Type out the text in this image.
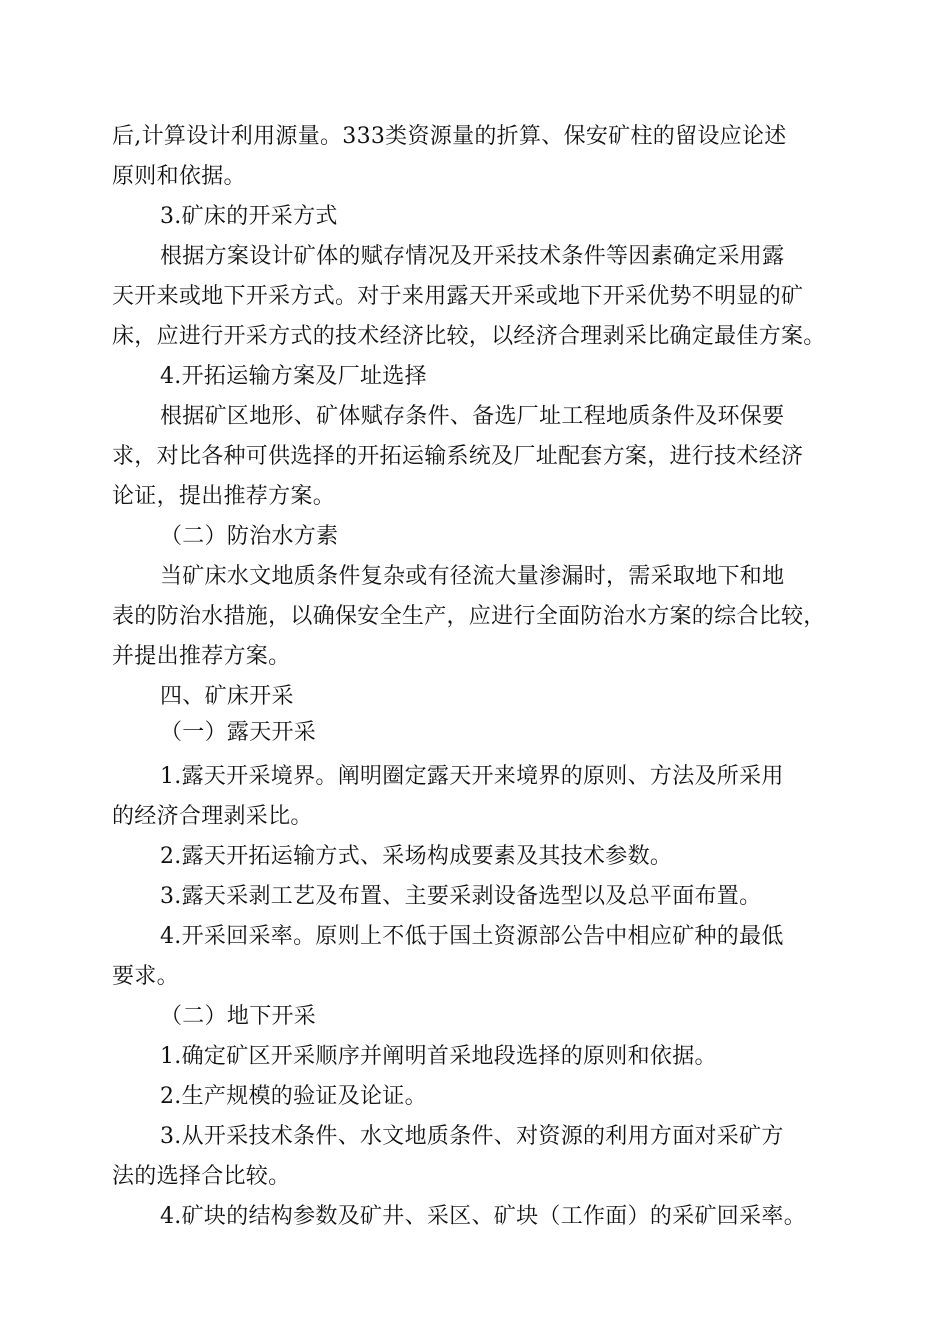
后,计算设计利用源量。333类资源量的折算、保安矿柱的留设应论述
原则和依据。
3.矿床的开采方式
根据方案设计矿体的赋存情况及开采技术条件等因素确定采用露
天开来或地下开采方式。对于来用露天开采或地下开采优势不明显的矿
床，应进行开采方式的技术经济比较，以经济合理剥采比确定最佳方案。
4.开拓运输方案及厂址选择
根据矿区地形、矿体赋存条件、备选厂址工程地质条件及环保要
求，对比各种可供选择的开拓运输系统及厂址配套方案，进行技术经济
论证，提出推荐方案。
（二）防治水方素
当矿床水文地质条件复杂或有径流大量渗漏时，需采取地下和地
表的防治水措施，以确保安全生产，应进行全面防治水方案的综合比较，
并提出推荐方案。
四、矿床开采
（一）露天开采
1.露天开采境界。阐明圈定露天开来境界的原则、方法及所采用
的经济合理剥采比。
2.露天开拓运输方式、采场构成要素及其技术参数。
3.露天采剥工艺及布置、主要采剥设备选型以及总平面布置。
4.开采回采率。原则上不低于国土资源部公告中相应矿种的最低
要求。
（二）地下开采
1.确定矿区开采顺序并阐明首采地段选择的原则和依据。
2.生产规模的验证及论证。
3.从开采技术条件、水文地质条件、对资源的利用方面对采矿方
法的选择合比较。
4.矿块的结构参数及矿井、采区、矿块（工作面）的采矿回采率。
